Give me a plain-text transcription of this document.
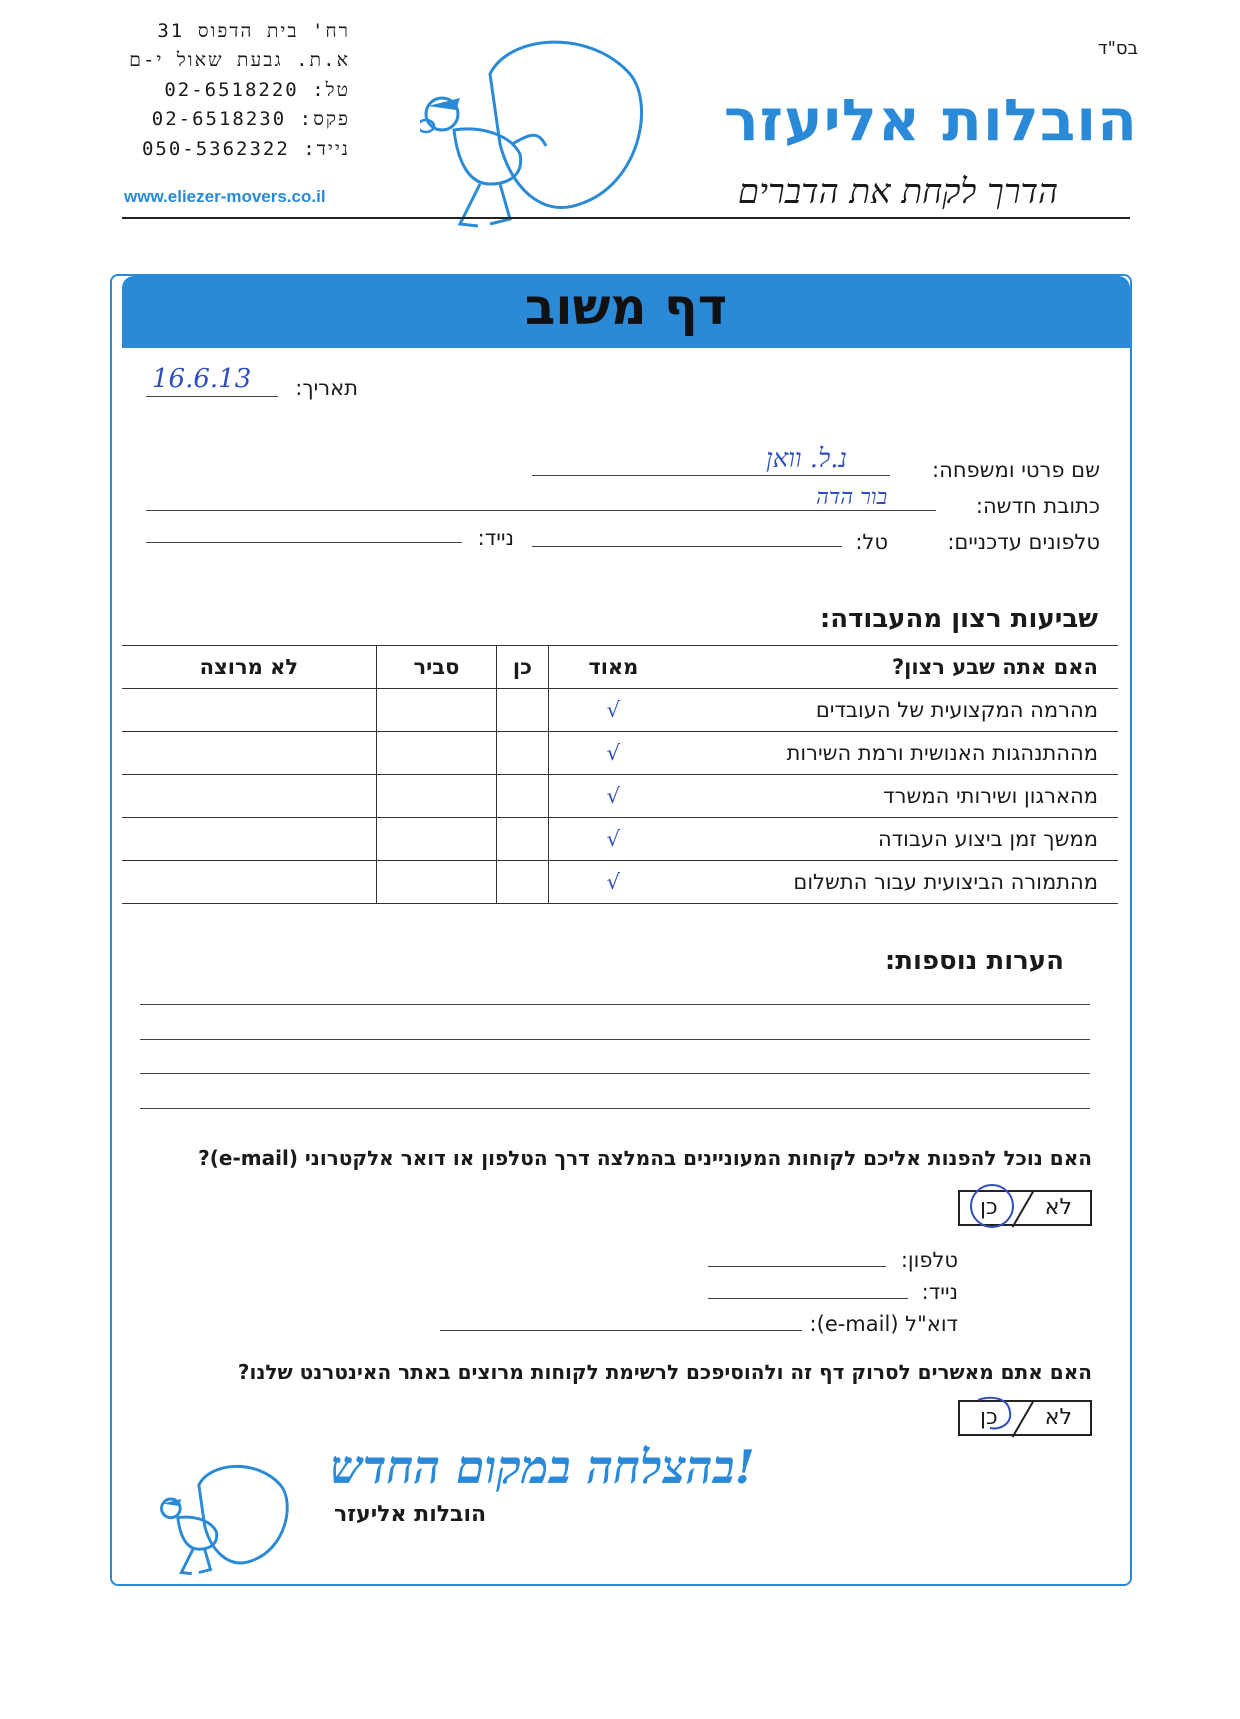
רח' בית הדפוס 31
א.ת. גבעת שאול י-ם
טל: 02-6518220
פקס: 02-6518230
נייד: 050-5362322
www.eliezer-movers.co.il
בס"ד
הובלות אליעזר
הדרך לקחת את הדברים
דף משוב
תאריך:
16.6.13
שם פרטי ומשפחה:
נ.ל. וואן
כתובת חדשה:
בור הדה
טלפונים עדכניים:
טל:
נייד:
שביעות רצון מהעבודה:
האם אתה שבע רצון?	מאוד	כן	סביר	לא מרוצה
מהרמה המקצועית של העובדים	√			
מההתנהגות האנושית ורמת השירות	√			
מהארגון ושירותי המשרד	√			
ממשך זמן ביצוע העבודה	√			
מהתמורה הביצועית עבור התשלום	√			
הערות נוספות:
האם נוכל להפנות אליכם לקוחות המעוניינים בהמלצה דרך הטלפון או דואר אלקטרוני (e-mail)?
כן לא
טלפון:
נייד:
דוא"ל (e-mail):
האם אתם מאשרים לסרוק דף זה ולהוסיפכם לרשימת לקוחות מרוצים באתר האינטרנט שלנו?
כן לא
!בהצלחה במקום החדש
הובלות אליעזר
